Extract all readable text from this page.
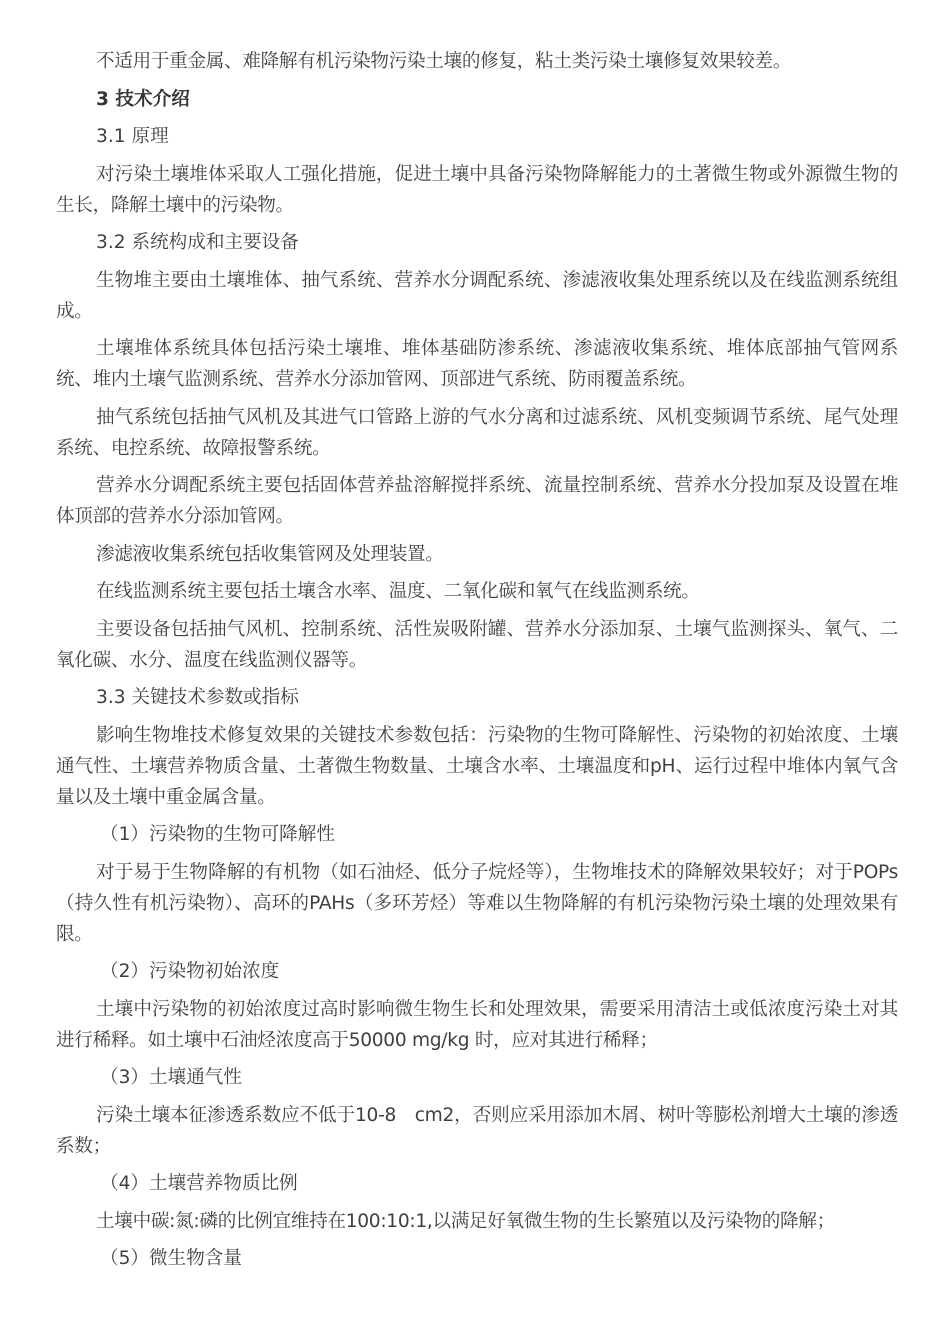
不适用于重金属、难降解有机污染物污染土壤的修复，粘土类污染土壤修复效果较差。

3 技术介绍

3.1 原理

对污染土壤堆体采取人工强化措施，促进土壤中具备污染物降解能力的土著微生物或外源微生物的生长，降解土壤中的污染物。

3.2 系统构成和主要设备

生物堆主要由土壤堆体、抽气系统、营养水分调配系统、渗滤液收集处理系统以及在线监测系统组成。

土壤堆体系统具体包括污染土壤堆、堆体基础防渗系统、渗滤液收集系统、堆体底部抽气管网系统、堆内土壤气监测系统、营养水分添加管网、顶部进气系统、防雨覆盖系统。

抽气系统包括抽气风机及其进气口管路上游的气水分离和过滤系统、风机变频调节系统、尾气处理系统、电控系统、故障报警系统。

营养水分调配系统主要包括固体营养盐溶解搅拌系统、流量控制系统、营养水分投加泵及设置在堆体顶部的营养水分添加管网。

渗滤液收集系统包括收集管网及处理装置。

在线监测系统主要包括土壤含水率、温度、二氧化碳和氧气在线监测系统。

主要设备包括抽气风机、控制系统、活性炭吸附罐、营养水分添加泵、土壤气监测探头、氧气、二氧化碳、水分、温度在线监测仪器等。

3.3 关键技术参数或指标

影响生物堆技术修复效果的关键技术参数包括：污染物的生物可降解性、污染物的初始浓度、土壤通气性、土壤营养物质含量、土著微生物数量、土壤含水率、土壤温度和pH、运行过程中堆体内氧气含量以及土壤中重金属含量。

（1）污染物的生物可降解性

对于易于生物降解的有机物（如石油烃、低分子烷烃等），生物堆技术的降解效果较好；对于POPs（持久性有机污染物）、高环的PAHs（多环芳烃）等难以生物降解的有机污染物污染土壤的处理效果有限。

（2）污染物初始浓度

土壤中污染物的初始浓度过高时影响微生物生长和处理效果，需要采用清洁土或低浓度污染土对其进行稀释。如土壤中石油烃浓度高于50000 mg/kg 时，应对其进行稀释；

（3）土壤通气性

污染土壤本征渗透系数应不低于10-8　cm2，否则应采用添加木屑、树叶等膨松剂增大土壤的渗透系数；

（4）土壤营养物质比例

土壤中碳:氮:磷的比例宜维持在100:10:1,以满足好氧微生物的生长繁殖以及污染物的降解；

（5）微生物含量
